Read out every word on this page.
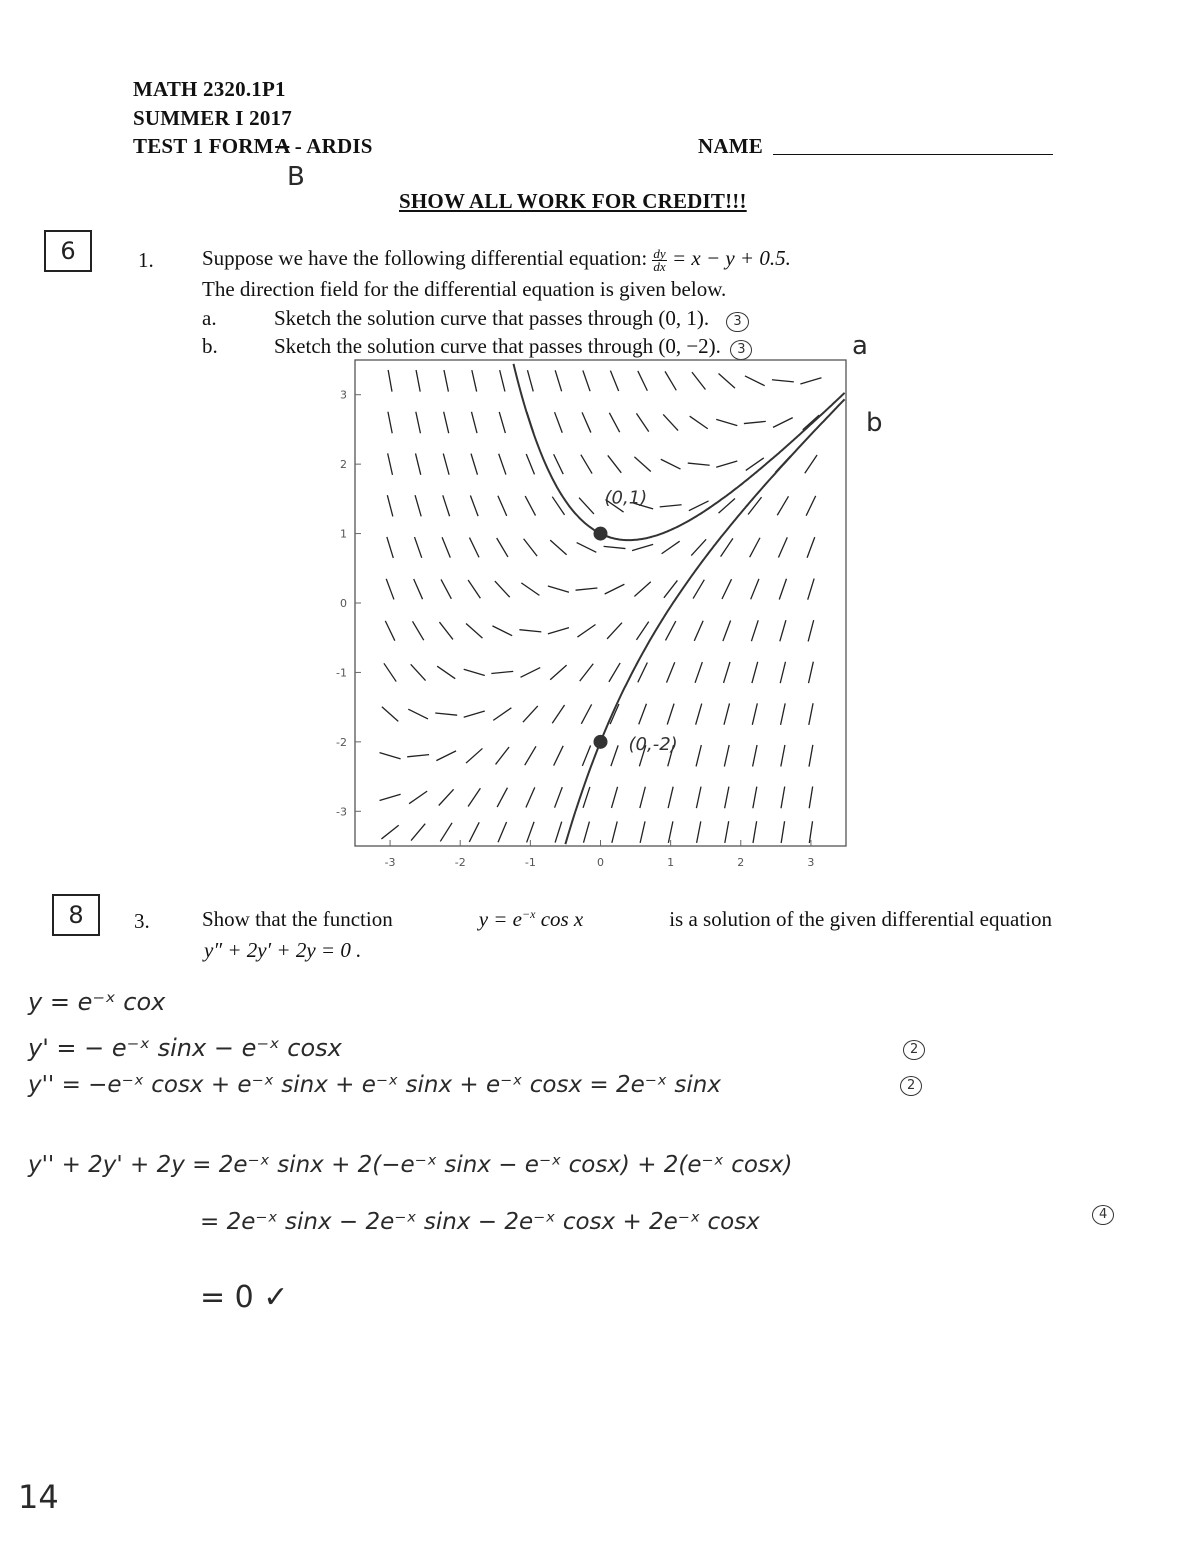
MATH 2320.1P1
SUMMER I 2017
TEST 1 FORM A - ARDIS
B
NAME
SHOW ALL WORK FOR CREDIT!!!
6	1. Suppose we have the following differential equation: $\frac{dy}{dx} = x - y + 0.5$.
The direction field for the differential equation is given below.
a.	Sketch the solution curve that passes through (0, 1). 3
b.	Sketch the solution curve that passes through (0, −2). 3	a
b
-3	-2	-1	0	1	2	3
3
2
1
0
-1
-2
-3
(0,1)
(0,-2)
8 3. Show that the function	$y = e^{-x}$ cos x	is a solution of the given differential equation
y″ + 2y′ + 2y = 0 .
y = e⁻ˣ cox
y' = − e⁻ˣ sinx − e⁻ˣ cosx	2
y'' = −e⁻ˣ cosx + e⁻ˣ sinx + e⁻ˣ sinx + e⁻ˣ cosx = 2e⁻ˣ sinx	2
y'' + 2y' + 2y = 2e⁻ˣ sinx + 2(−e⁻ˣ sinx − e⁻ˣ cosx) + 2(e⁻ˣ cosx)
= 2e⁻ˣ sinx − 2e⁻ˣ sinx − 2e⁻ˣ cosx + 2e⁻ˣ cosx	4
= 0 ✓
14
